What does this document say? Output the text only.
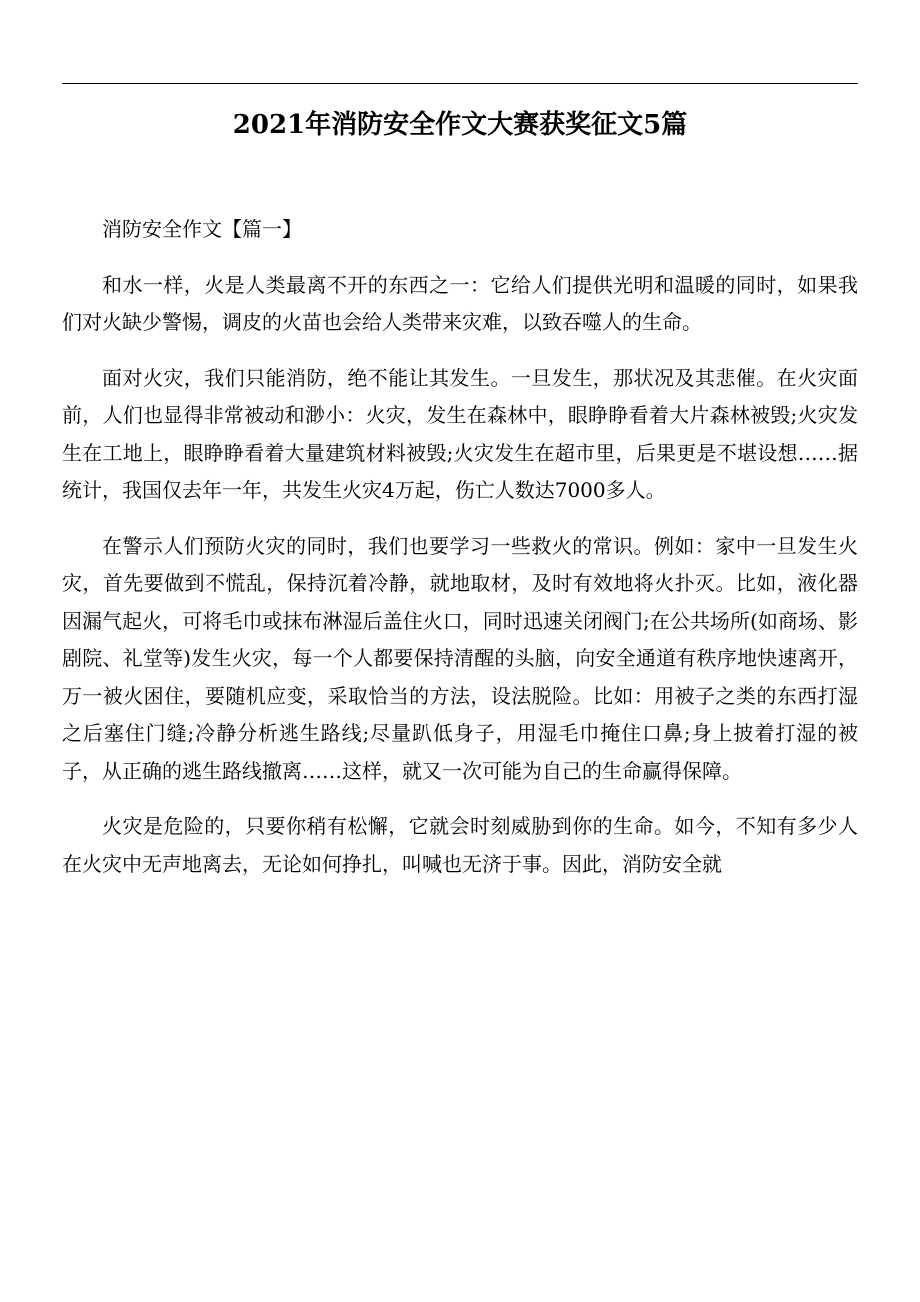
2021年消防安全作文大赛获奖征文5篇

消防安全作文【篇一】

和水一样，火是人类最离不开的东西之一：它给人们提供光明和温暖的同时，如果我们对火缺少警惕，调皮的火苗也会给人类带来灾难，以致吞噬人的生命。

面对火灾，我们只能消防，绝不能让其发生。一旦发生，那状况及其悲催。在火灾面前，人们也显得非常被动和渺小：火灾，发生在森林中，眼睁睁看着大片森林被毁;火灾发生在工地上，眼睁睁看着大量建筑材料被毁;火灾发生在超市里，后果更是不堪设想……据统计，我国仅去年一年，共发生火灾4万起，伤亡人数达7000多人。

在警示人们预防火灾的同时，我们也要学习一些救火的常识。例如：家中一旦发生火灾，首先要做到不慌乱，保持沉着冷静，就地取材，及时有效地将火扑灭。比如，液化器因漏气起火，可将毛巾或抹布淋湿后盖住火口，同时迅速关闭阀门;在公共场所(如商场、影剧院、礼堂等)发生火灾，每一个人都要保持清醒的头脑，向安全通道有秩序地快速离开，万一被火困住，要随机应变，采取恰当的方法，设法脱险。比如：用被子之类的东西打湿之后塞住门缝;冷静分析逃生路线;尽量趴低身子，用湿毛巾掩住口鼻;身上披着打湿的被子，从正确的逃生路线撤离……这样，就又一次可能为自己的生命赢得保障。

火灾是危险的，只要你稍有松懈，它就会时刻威胁到你的生命。如今，不知有多少人在火灾中无声地离去，无论如何挣扎，叫喊也无济于事。因此，消防安全就
